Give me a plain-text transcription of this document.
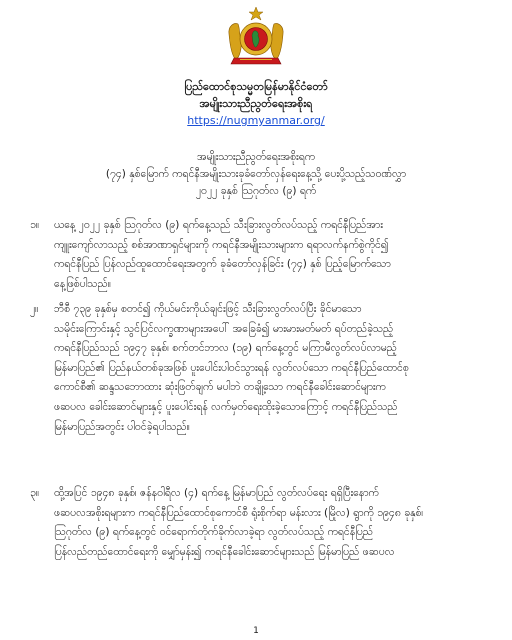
ပြည်ထောင်စုသမ္မတမြန်မာနိုင်ငံတော်
အမျိုးသားညီညွတ်ရေးအစိုးရ
https://nugmyanmar.org/
အမျိုးသားညီညွတ်ရေးအစိုးရက
(၇၄) နှစ်မြောက် ကရင်နီအမျိုးသားခုခံတော်လှန်ရေးနေ့သို့ ပေးပို့သည့်သဝဏ်လွှာ
၂၀၂၂ ခုနှစ် ဩဂုတ်လ (၉) ရက်
၁။ ယနေ့ ၂၀၂၂ ခုနှစ် ဩဂုတ်လ (၉) ရက်နေ့သည် သီးခြားလွတ်လပ်သည့် ကရင်နီပြည်အား
ကျူးကျော်လာသည့် စစ်အာဏာရှင်များကို ကရင်နီအမျိုးသားများက ရရာလက်နက်စွဲကိုင်၍
ကရင်နီပြည် ပြန်လည်ထူထောင်ရေးအတွက် ခုခံတော်လှန်ခြင်း (၇၄) နှစ် ပြည့်မြောက်သော
နေ့ဖြစ်ပါသည်။
၂။ ဘီစီ ၇၃၉ ခုနှစ်မှ စတင်၍ ကိုယ်မင်းကိုယ်ချင်းဖြင့် သီးခြားလွတ်လပ်ပြီး ခိုင်မာသော
သမိုင်းကြောင်းနှင့် သွင်ပြင်လက္ခဏာများအပေါ် အခြေခံ၍ မားမားမတ်မတ် ရပ်တည်ခဲ့သည့်
ကရင်နီပြည်သည် ၁၉၄၇ ခုနှစ်၊ စက်တင်ဘာလ (၁၉) ရက်နေ့တွင် မကြာမီလွတ်လပ်လာမည့်
မြန်မာပြည်၏ ပြည်နယ်တစ်ခုအဖြစ် ပူးပေါင်းပါဝင်သွားရန် လွတ်လပ်သော ကရင်နီပြည်ထောင်စု
ကောင်စီ၏ ဆန္ဒသဘောထား ဆုံးဖြတ်ချက် မပါဘဲ တချို့သော ကရင်နီခေါင်းဆောင်များက
ဖဆပလ ခေါင်းဆောင်များနှင့် ပူးပေါင်းရန် လက်မှတ်ရေးထိုးခဲ့သောကြောင့် ကရင်နီပြည်သည်
မြန်မာပြည်အတွင်း ပါဝင်ခဲ့ရပါသည်။
၃။ ထို့အပြင် ၁၉၄၈ ခုနှစ်၊ ဇန်နဝါရီလ (၄) ရက်နေ့ မြန်မာပြည် လွတ်လပ်ရေး ရရှိပြီးနောက်
ဖဆပလအစိုးရများက ကရင်နီပြည်ထောင်စုကောင်စီ ရုံးစိုက်ရာ မန်းလား (မြိုလ) ရွာကို ၁၉၄၈ ခုနှစ်၊
ဩဂုတ်လ (၉) ရက်နေ့တွင် ဝင်ရောက်တိုက်ခိုက်လာခဲ့ရာ လွတ်လပ်သည့် ကရင်နီပြည်
ပြန်လည်တည်ထောင်ရေးကို မျှော်မှန်း၍ ကရင်နီခေါင်းဆောင်များသည် မြန်မာပြည် ဖဆပလ
1
